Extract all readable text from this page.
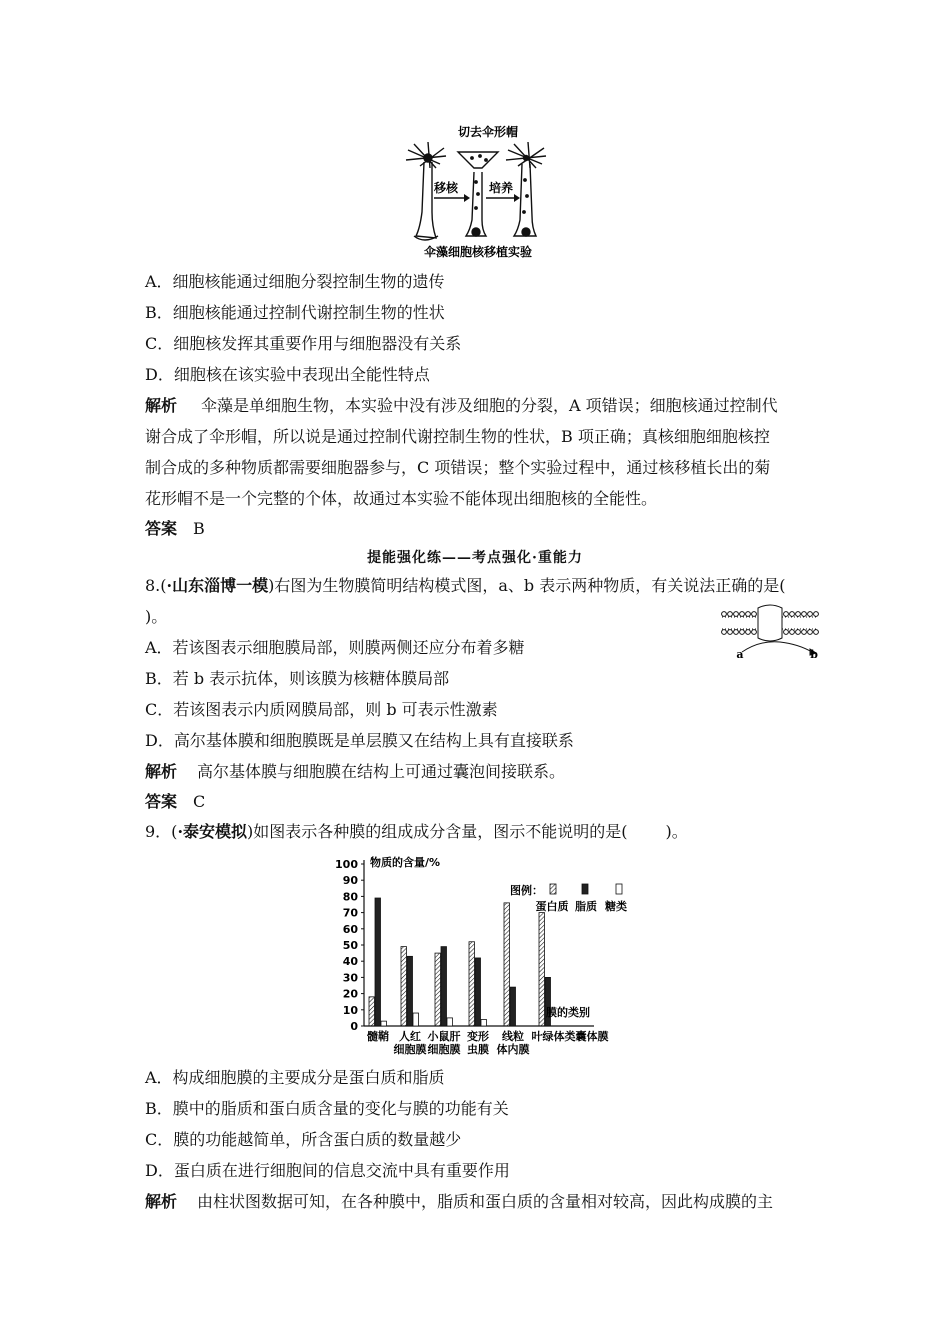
切去伞形帽
移核	培养
伞藻细胞核移植实验
A．细胞核能通过细胞分裂控制生物的遗传
B．细胞核能通过控制代谢控制生物的性状
C．细胞核发挥其重要作用与细胞器没有关系
D．细胞核在该实验中表现出全能性特点
解析 伞藻是单细胞生物，本实验中没有涉及细胞的分裂，A 项错误；细胞核通过控制代
谢合成了伞形帽，所以说是通过控制代谢控制生物的性状，B 项正确；真核细胞细胞核控
制合成的多种物质都需要细胞器参与，C 项错误；整个实验过程中，通过核移植长出的菊
花形帽不是一个完整的个体，故通过本实验不能体现出细胞核的全能性。
答案 B
提能强化练——考点强化·重能力
8.(·山东淄博一模)右图为生物膜简明结构模式图，a、b 表示两种物质，有关说法正确的是(
)。
a	b
A．若该图表示细胞膜局部，则膜两侧还应分布着多糖
B．若 b 表示抗体，则该膜为核糖体膜局部
C．若该图表示内质网膜局部，则 b 可表示性激素
D．高尔基体膜和细胞膜既是单层膜又在结构上具有直接联系
解析 高尔基体膜与细胞膜在结构上可通过囊泡间接联系。
答案 C
9．(·泰安模拟)如图表示各种膜的组成成分含量，图示不能说明的是( )。
物质的含量/%
膜的类别
0
10
20
30
40
50
60
70
80
90
100
髓鞘 人红
细胞膜
小鼠肝
细胞膜
变形
虫膜
线粒
体内膜
叶绿体类囊体膜
图例：
蛋白质 脂质 糖类
A．构成细胞膜的主要成分是蛋白质和脂质
B．膜中的脂质和蛋白质含量的变化与膜的功能有关
C．膜的功能越简单，所含蛋白质的数量越少
D．蛋白质在进行细胞间的信息交流中具有重要作用
解析 由柱状图数据可知，在各种膜中，脂质和蛋白质的含量相对较高，因此构成膜的主
